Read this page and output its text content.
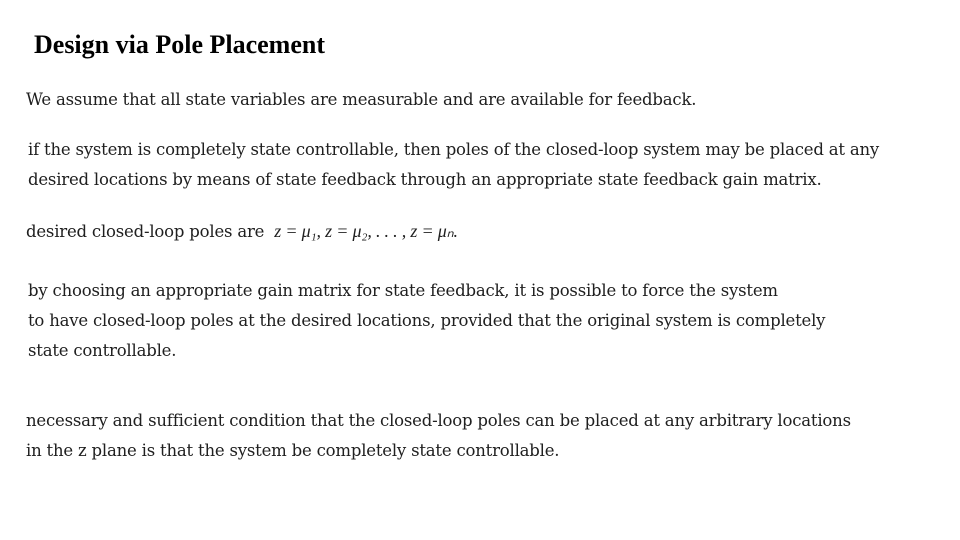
Design via Pole Placement
We assume that all state variables are measurable and are available for feedback.
if the system is completely state controllable, then poles of the closed-loop system may be placed at any
desired locations by means of state feedback through an appropriate state feedback gain matrix.
desired closed-loop poles are z = μ₁, z = μ₂, . . . , z = μₙ.
by choosing an appropriate gain matrix for state feedback, it is possible to force the system
to have closed-loop poles at the desired locations, provided that the original system is completely
state controllable.
necessary and sufficient condition that the closed-loop poles can be placed at any arbitrary locations
in the z plane is that the system be completely state controllable.
